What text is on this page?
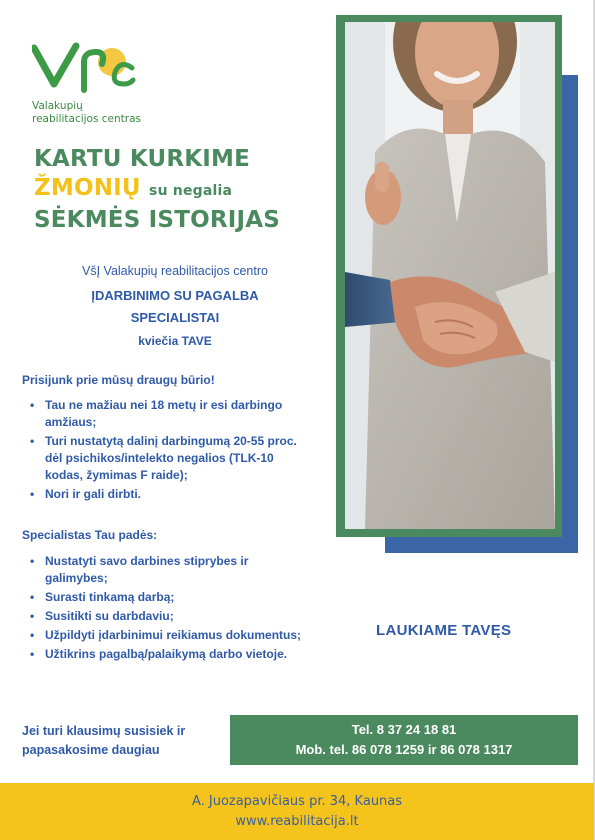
Valakupių
reabilitacijos centras
KARTU KURKIME
ŽMONIŲ su negalia
SĖKMĖS ISTORIJAS
VšĮ Valakupių reabilitacijos centro
ĮDARBINIMO SU PAGALBA
SPECIALISTAI
kviečia TAVE
Prisijunk prie mūsų draugų būrio!
• Tau ne mažiau nei 18 metų ir esi darbingo amžiaus;
• Turi nustatytą dalinį darbingumą 20-55 proc. dėl psichikos/intelekto negalios (TLK-10 kodas, žymimas F raide);
• Nori ir gali dirbti.
Specialistas Tau padės:
• Nustatyti savo darbines stiprybes ir galimybes;
• Surasti tinkamą darbą;
• Susitikti su darbdaviu;
• Užpildyti įdarbinimui reikiamus dokumentus;
• Užtikrins pagalbą/palaikymą darbo vietoje.
LAUKIAME TAVĘS
Jei turi klausimų susisiek ir papasakosime daugiau
Tel. 8 37 24 18 81
Mob. tel. 86 078 1259 ir 86 078 1317
A. Juozapavičiaus pr. 34, Kaunas
www.reabilitacija.lt
